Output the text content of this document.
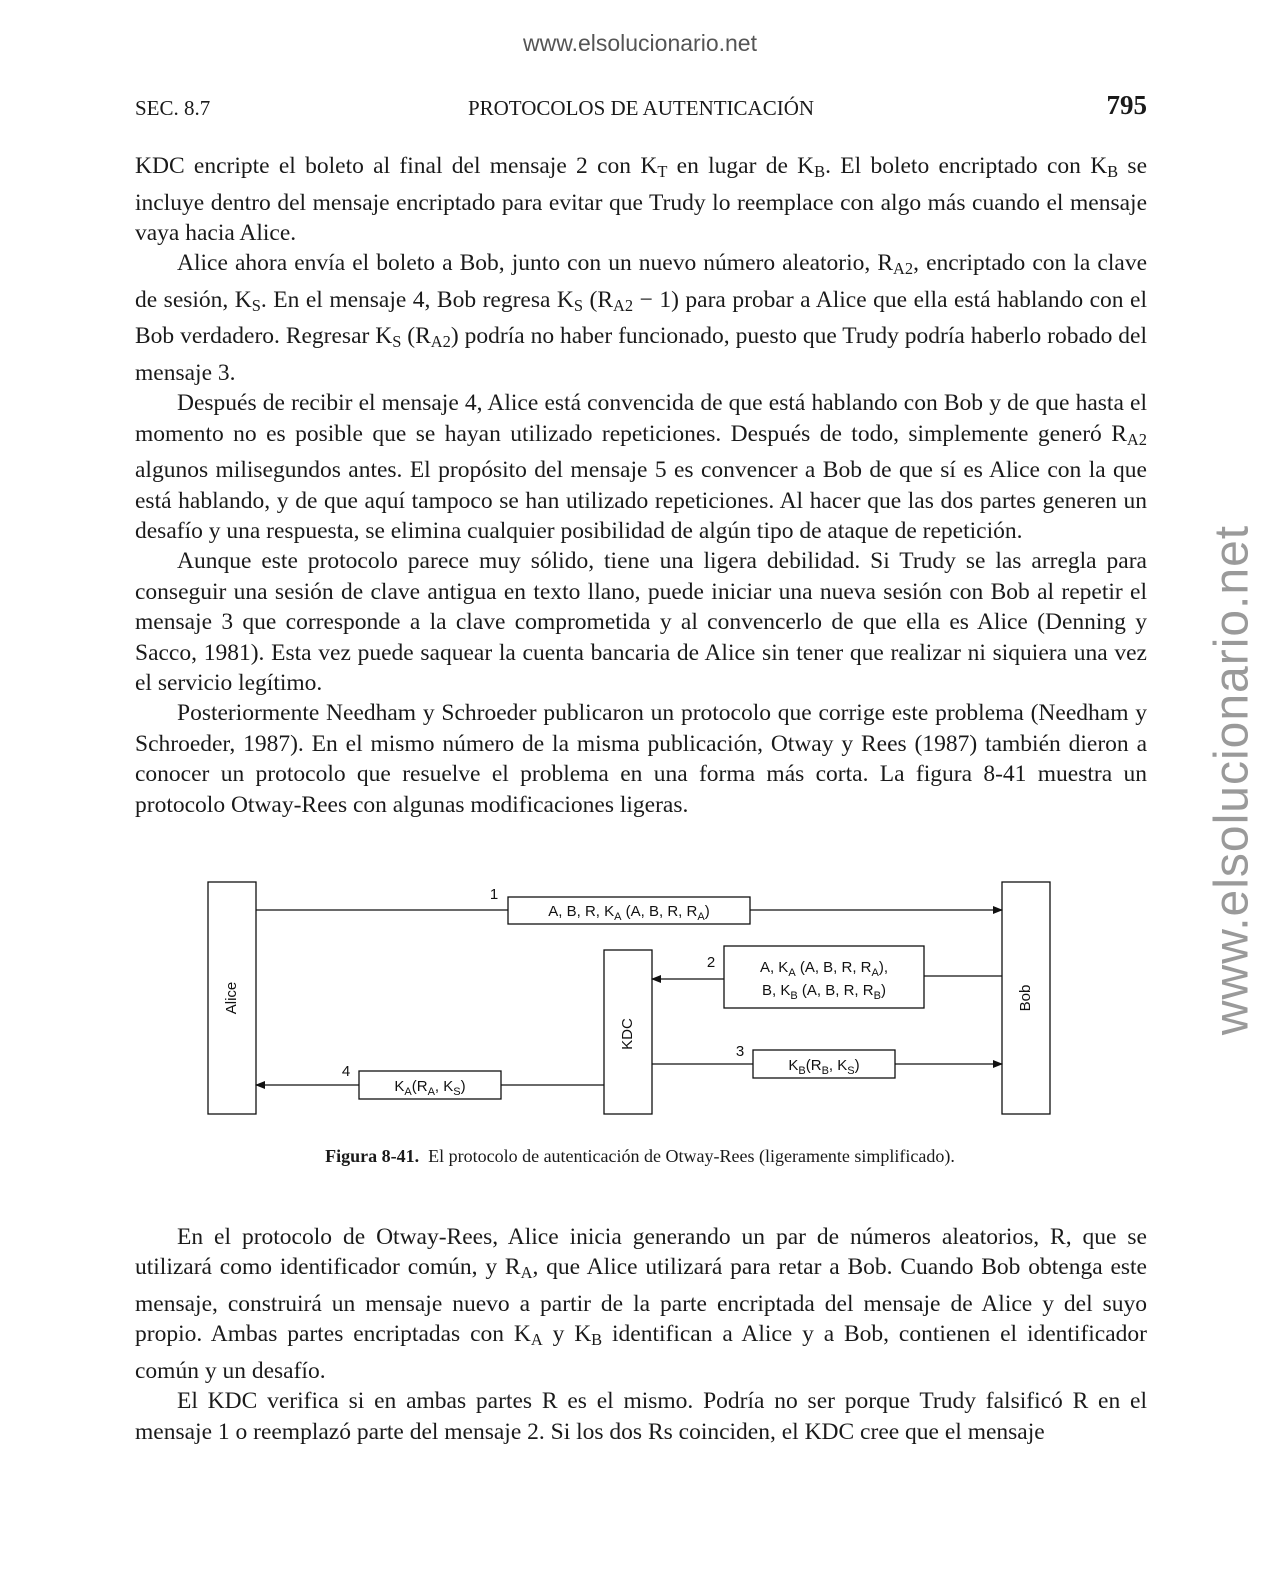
www.elsolucionario.net
www.elsolucionario.net
SEC. 8.7	PROTOCOLOS DE AUTENTICACIÓN	795

KDC encripte el boleto al final del mensaje 2 con $K_T$ en lugar de $K_B$. El boleto encriptado con $K_B$ se incluye dentro del mensaje encriptado para evitar que Trudy lo reemplace con algo más cuando el mensaje vaya hacia Alice.

Alice ahora envía el boleto a Bob, junto con un nuevo número aleatorio, $R_{A2}$, encriptado con la clave de sesión, $K_S$. En el mensaje 4, Bob regresa $K_S$ $(R_{A2} - 1)$ para probar a Alice que ella está hablando con el Bob verdadero. Regresar $K_S$ $(R_{A2})$ podría no haber funcionado, puesto que Trudy podría haberlo robado del mensaje 3.

Después de recibir el mensaje 4, Alice está convencida de que está hablando con Bob y de que hasta el momento no es posible que se hayan utilizado repeticiones. Después de todo, simplemente generó $R_{A2}$ algunos milisegundos antes. El propósito del mensaje 5 es convencer a Bob de que sí es Alice con la que está hablando, y de que aquí tampoco se han utilizado repeticiones. Al hacer que las dos partes generen un desafío y una respuesta, se elimina cualquier posibilidad de algún tipo de ataque de repetición.

Aunque este protocolo parece muy sólido, tiene una ligera debilidad. Si Trudy se las arregla para conseguir una sesión de clave antigua en texto llano, puede iniciar una nueva sesión con Bob al repetir el mensaje 3 que corresponde a la clave comprometida y al convencerlo de que ella es Alice (Denning y Sacco, 1981). Esta vez puede saquear la cuenta bancaria de Alice sin tener que realizar ni siquiera una vez el servicio legítimo.

Posteriormente Needham y Schroeder publicaron un protocolo que corrige este problema (Needham y Schroeder, 1987). En el mismo número de la misma publicación, Otway y Rees (1987) también dieron a conocer un protocolo que resuelve el problema en una forma más corta. La figura 8-41 muestra un protocolo Otway-Rees con algunas modificaciones ligeras.

Alice
KDC
Bob
1
A, B, R, $K_A$ (A, B, R, $R_A$)
2	A, $K_A$ (A, B, R, $R_A$),
B, $K_B$ (A, B, R, $R_B$)
3
$K_B(R_B$, $K_S$)
4
$K_A(R_A$, $K_S$)
Figura 8-41. El protocolo de autenticación de Otway-Rees (ligeramente simplificado).

En el protocolo de Otway-Rees, Alice inicia generando un par de números aleatorios, R, que se utilizará como identificador común, y $R_A$, que Alice utilizará para retar a Bob. Cuando Bob obtenga este mensaje, construirá un mensaje nuevo a partir de la parte encriptada del mensaje de Alice y del suyo propio. Ambas partes encriptadas con $K_A$ y $K_B$ identifican a Alice y a Bob, contienen el identificador común y un desafío.

El KDC verifica si en ambas partes R es el mismo. Podría no ser porque Trudy falsificó R en el mensaje 1 o reemplazó parte del mensaje 2. Si los dos Rs coinciden, el KDC cree que el mensaje
